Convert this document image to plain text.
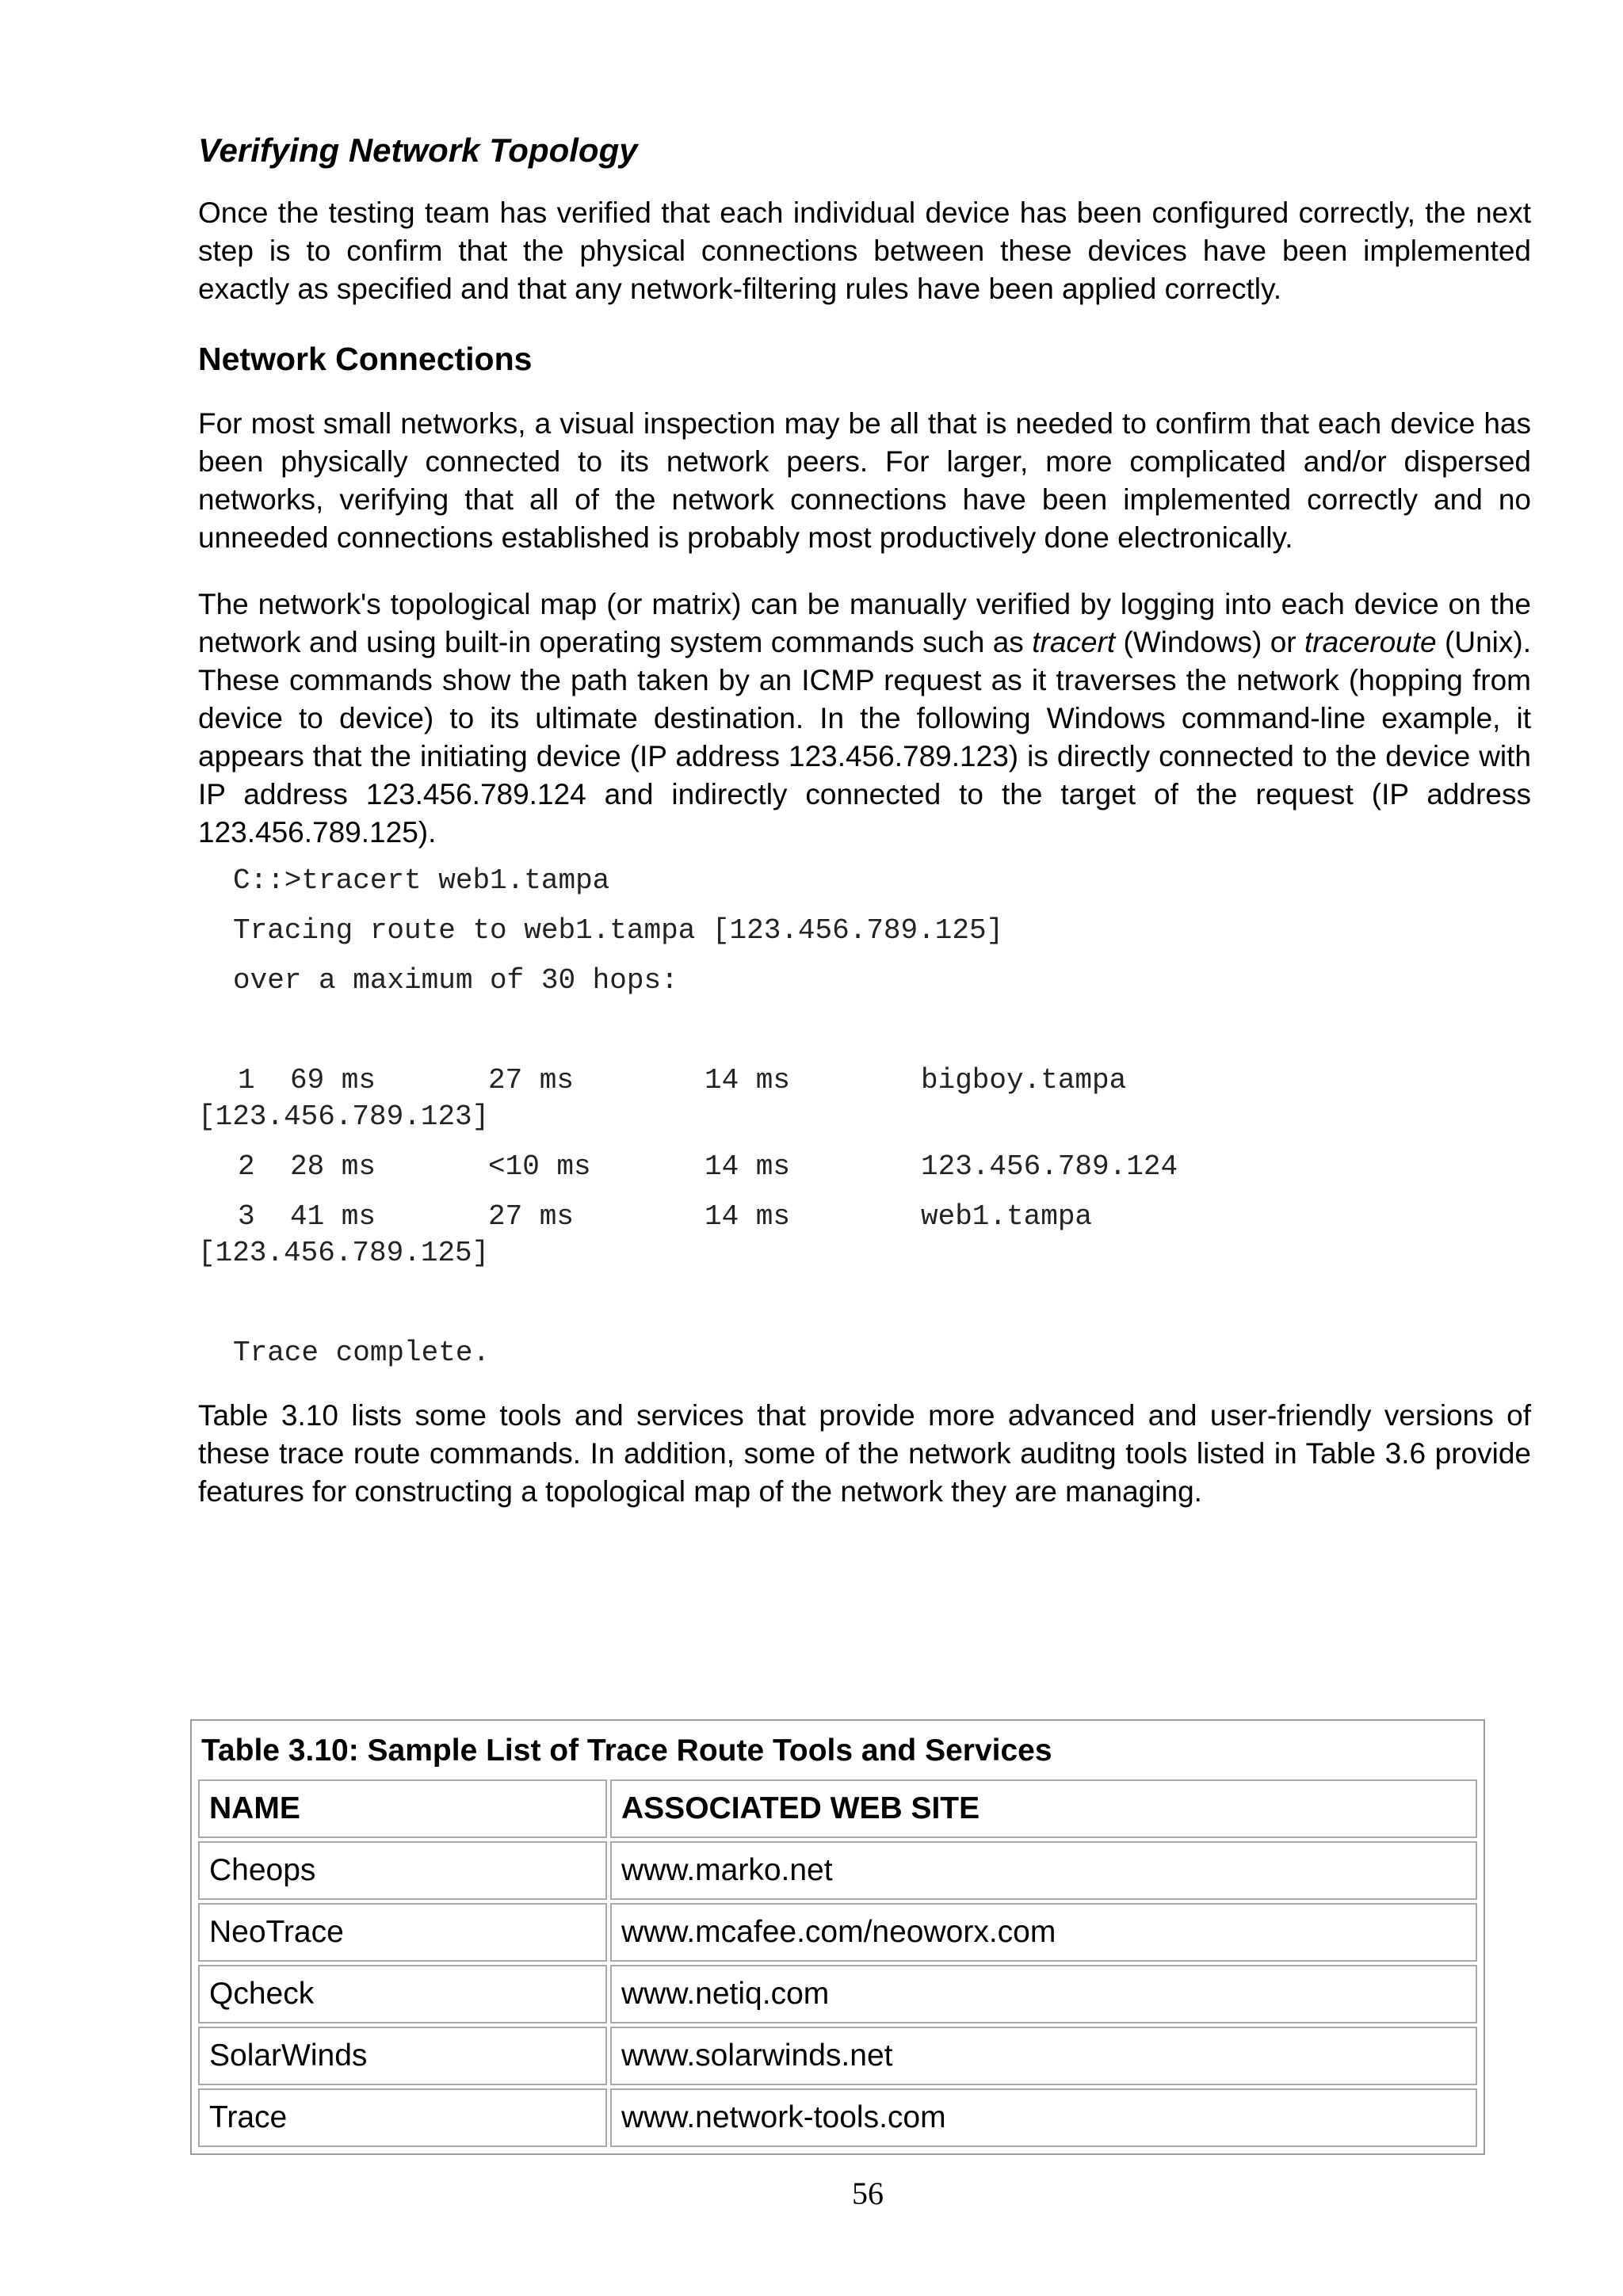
Verifying Network Topology

Once the testing team has verified that each individual device has been configured correctly, the next step is to confirm that the physical connections between these devices have been implemented exactly as specified and that any network-filtering rules have been applied correctly.

Network Connections

For most small networks, a visual inspection may be all that is needed to confirm that each device has been physically connected to its network peers. For larger, more complicated and/or dispersed networks, verifying that all of the network connections have been implemented correctly and no unneeded connections established is probably most productively done electronically.

The network's topological map (or matrix) can be manually verified by logging into each device on the network and using built-in operating system commands such as tracert (Windows) or traceroute (Unix). These commands show the path taken by an ICMP request as it traverses the network (hopping from device to device) to its ultimate destination. In the following Windows command-line example, it appears that the initiating device (IP address 123.456.789.123) is directly connected to the device with IP address 123.456.789.124 and indirectly connected to the target of the request (IP address 123.456.789.125).

C::>tracert web1.tampa
Tracing route to web1.tampa [123.456.789.125]
over a maximum of 30 hops:
1	69 ms	27 ms	14 ms	bigboy.tampa
[123.456.789.123]
2	28 ms	<10 ms	14 ms	123.456.789.124
3	41 ms	27 ms	14 ms	web1.tampa
[123.456.789.125]
Trace complete.

Table 3.10 lists some tools and services that provide more advanced and user-friendly versions of these trace route commands. In addition, some of the network auditng tools listed in Table 3.6 provide features for constructing a topological map of the network they are managing.

Table 3.10: Sample List of Trace Route Tools and Services
NAME	ASSOCIATED WEB SITE
Cheops	www.marko.net
NeoTrace	www.mcafee.com/neoworx.com
Qcheck	www.netiq.com
SolarWinds	www.solarwinds.net
Trace	www.network-tools.com
56
